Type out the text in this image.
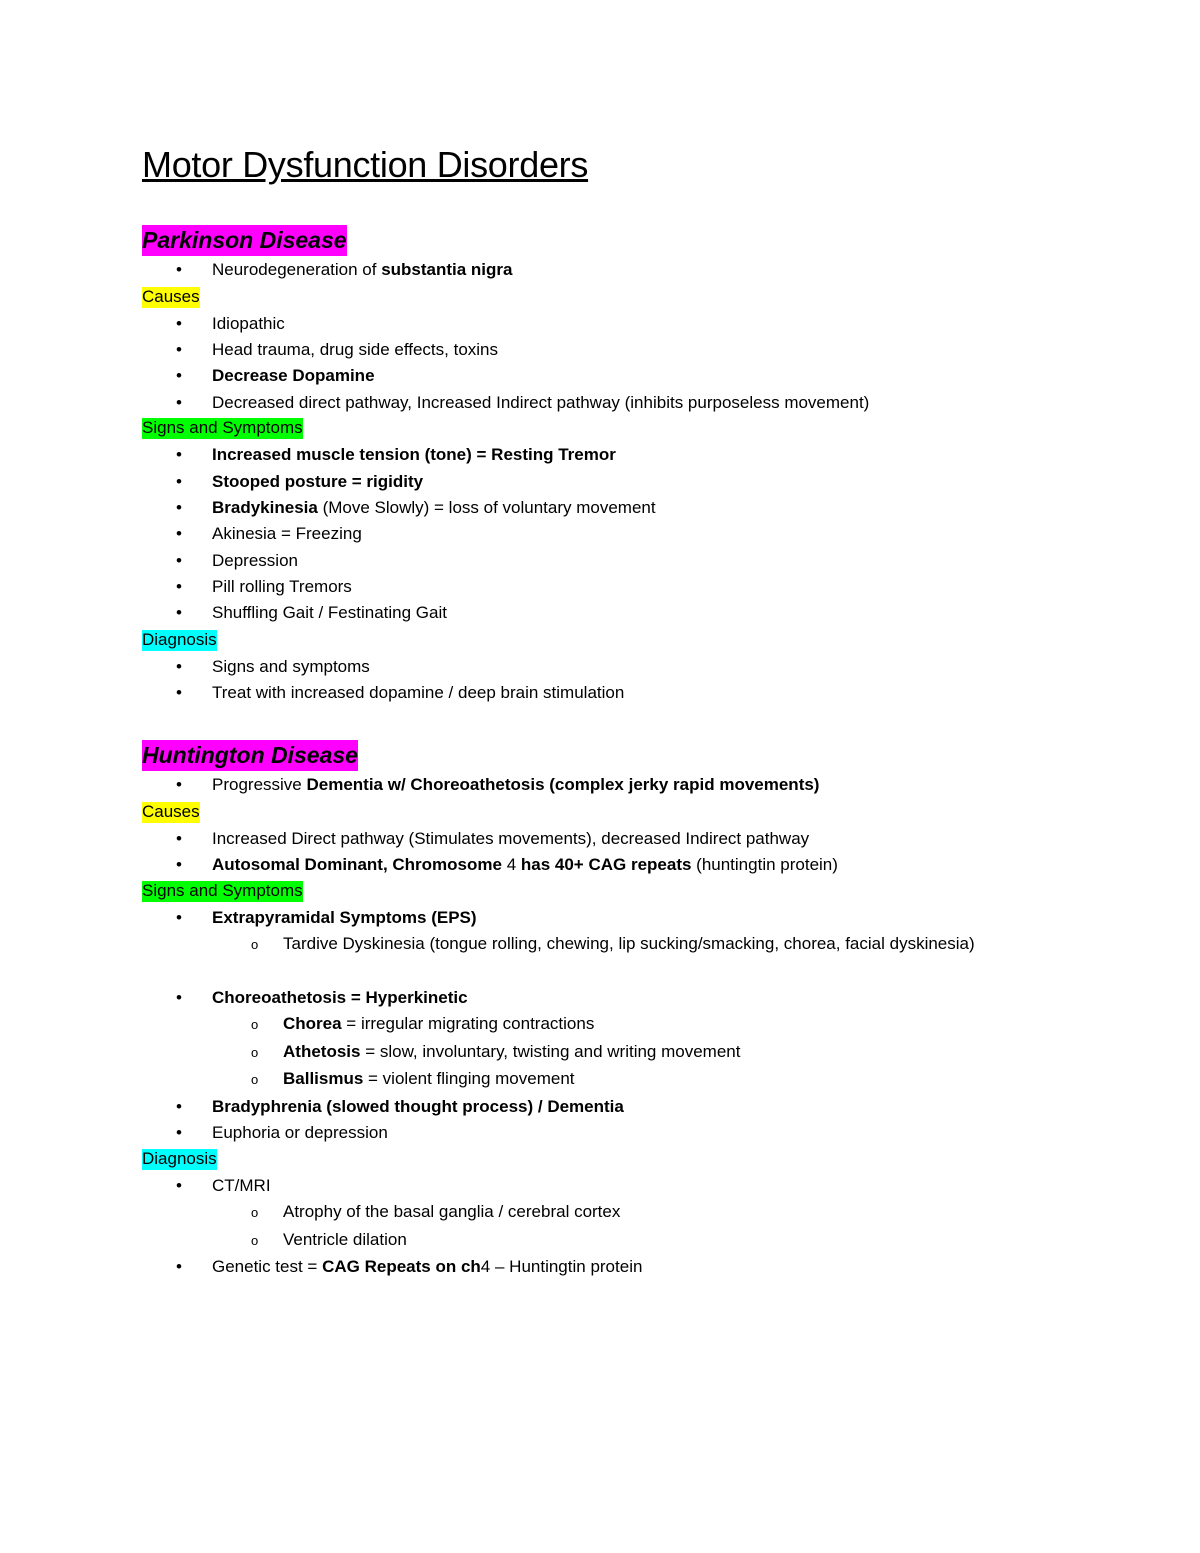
Motor Dysfunction Disorders
Parkinson Disease
• Neurodegeneration of substantia nigra
Causes
• Idiopathic
• Head trauma, drug side effects, toxins
• Decrease Dopamine
• Decreased direct pathway, Increased Indirect pathway (inhibits purposeless movement)
Signs and Symptoms
• Increased muscle tension (tone) = Resting Tremor
• Stooped posture = rigidity
• Bradykinesia (Move Slowly) = loss of voluntary movement
• Akinesia = Freezing
• Depression
• Pill rolling Tremors
• Shuffling Gait / Festinating Gait
Diagnosis
• Signs and symptoms
• Treat with increased dopamine / deep brain stimulation
Huntington Disease
• Progressive Dementia w/ Choreoathetosis (complex jerky rapid movements)
Causes
• Increased Direct pathway (Stimulates movements), decreased Indirect pathway
• Autosomal Dominant, Chromosome 4 has 40+ CAG repeats (huntingtin protein)
Signs and Symptoms
• Extrapyramidal Symptoms (EPS)
o Tardive Dyskinesia (tongue rolling, chewing, lip sucking/smacking, chorea, facial dyskinesia)
• Choreoathetosis = Hyperkinetic
o Chorea = irregular migrating contractions
o Athetosis = slow, involuntary, twisting and writing movement
o Ballismus = violent flinging movement
• Bradyphrenia (slowed thought process) / Dementia
• Euphoria or depression
Diagnosis
• CT/MRI
o Atrophy of the basal ganglia / cerebral cortex
o Ventricle dilation
• Genetic test = CAG Repeats on ch4 – Huntingtin protein
